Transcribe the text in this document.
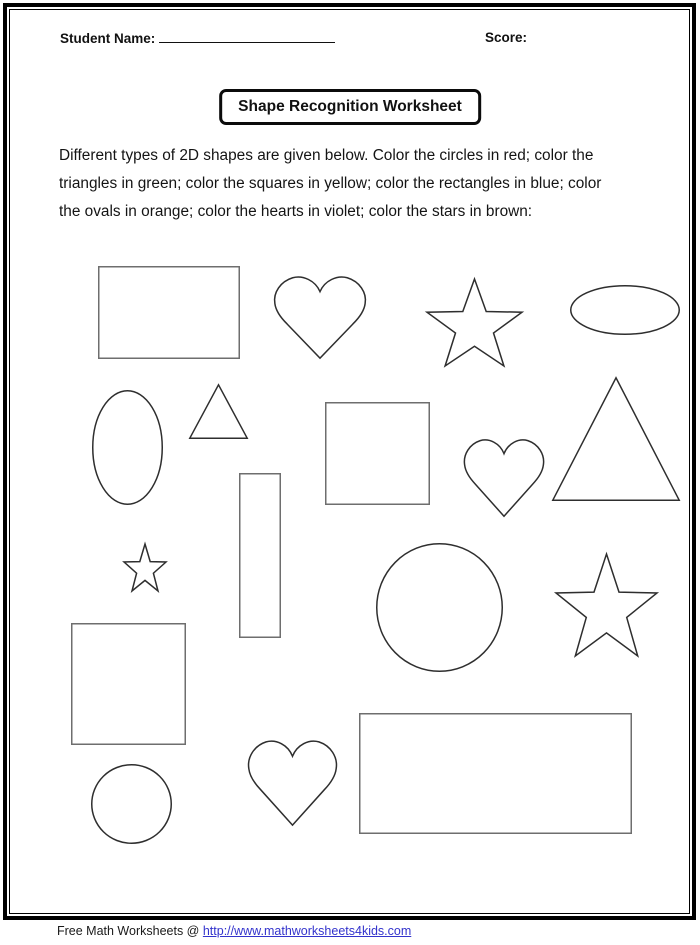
Student Name:	Score:
Shape Recognition Worksheet
Different types of 2D shapes are given below. Color the circles in red; color the
triangles in green; color the squares in yellow; color the rectangles in blue; color
the ovals in orange; color the hearts in violet; color the stars in brown:
Free Math Worksheets @ http://www.mathworksheets4kids.com
